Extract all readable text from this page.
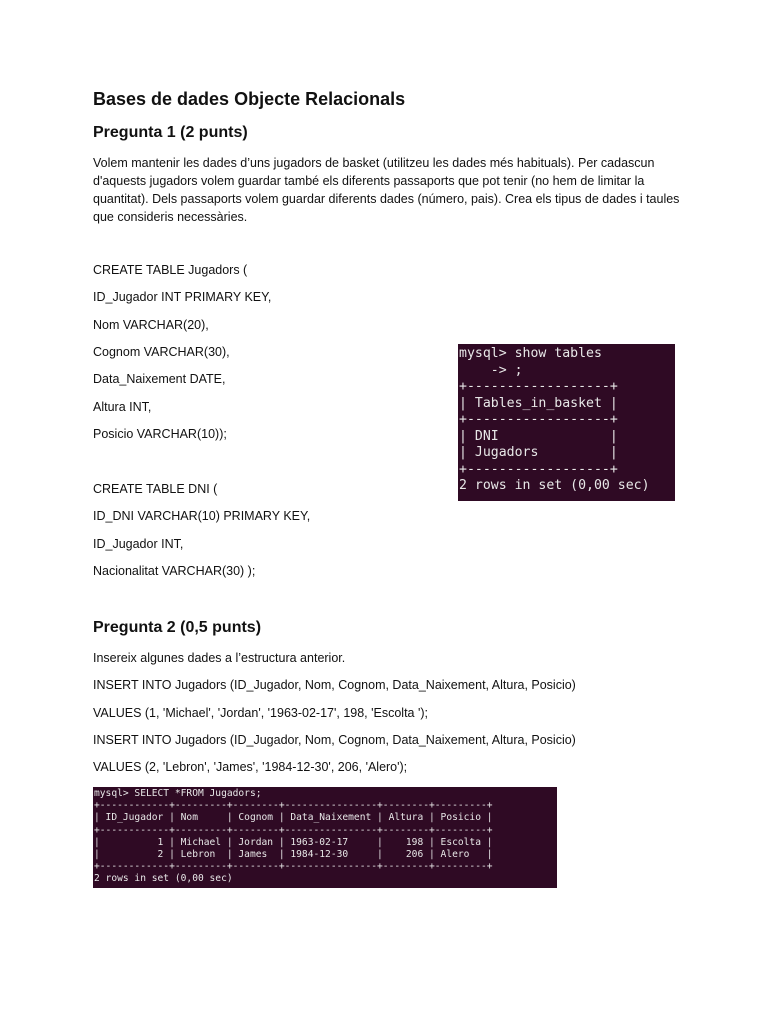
Bases de dades Objecte Relacionals
Pregunta 1 (2 punts)
Volem mantenir les dades d’uns jugadors de basket (utilitzeu les dades més habituals). Per cadascun d'aquests jugadors volem guardar també els diferents passaports que pot tenir (no hem de limitar la quantitat). Dels passaports volem guardar diferents dades (número, pais). Crea els tipus de dades i taules que consideris necessàries.
CREATE TABLE Jugadors (
ID_Jugador INT PRIMARY KEY,
Nom VARCHAR(20),
Cognom VARCHAR(30),
Data_Naixement DATE,
Altura INT,
Posicio VARCHAR(10));
CREATE TABLE DNI (
ID_DNI VARCHAR(10) PRIMARY KEY,
ID_Jugador INT,
Nacionalitat VARCHAR(30) );
mysql> show tables
-> ;
+------------------+
| Tables_in_basket |
+------------------+
| DNI              |
| Jugadors         |
+------------------+
2 rows in set (0,00 sec)
Pregunta 2 (0,5 punts)
Insereix algunes dades a l’estructura anterior.
INSERT INTO Jugadors (ID_Jugador, Nom, Cognom, Data_Naixement, Altura, Posicio)
VALUES (1, 'Michael', 'Jordan', '1963-02-17', 198, 'Escolta ');
INSERT INTO Jugadors (ID_Jugador, Nom, Cognom, Data_Naixement, Altura, Posicio)
VALUES (2, 'Lebron', 'James', '1984-12-30', 206, 'Alero');
mysql> SELECT *FROM Jugadors;
+------------+---------+--------+----------------+--------+---------+
| ID_Jugador | Nom     | Cognom | Data_Naixement | Altura | Posicio |
+------------+---------+--------+----------------+--------+---------+
|          1 | Michael | Jordan | 1963-02-17     |    198 | Escolta |
|          2 | Lebron  | James  | 1984-12-30     |    206 | Alero   |
+------------+---------+--------+----------------+--------+---------+
2 rows in set (0,00 sec)
